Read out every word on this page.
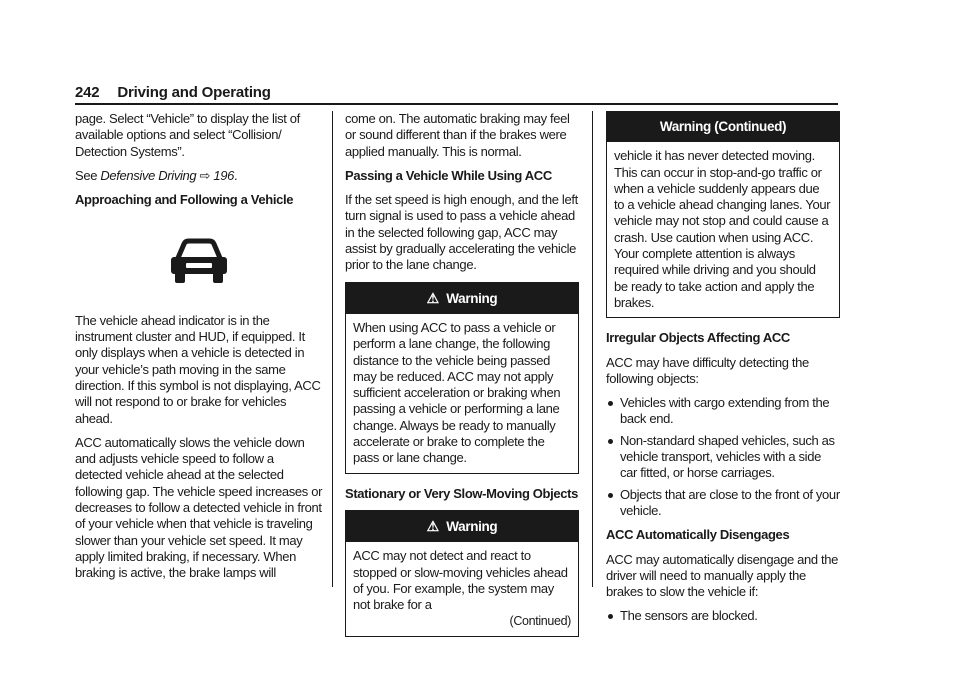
242 Driving and Operating

page. Select “Vehicle” to display the list of available options and select “Collision/ Detection Systems”.

See Defensive Driving ⇨ 196.

Approaching and Following a Vehicle

The vehicle ahead indicator is in the instrument cluster and HUD, if equipped. It only displays when a vehicle is detected in your vehicle’s path moving in the same direction. If this symbol is not displaying, ACC will not respond to or brake for vehicles ahead.

ACC automatically slows the vehicle down and adjusts vehicle speed to follow a detected vehicle ahead at the selected following gap. The vehicle speed increases or decreases to follow a detected vehicle in front of your vehicle when that vehicle is traveling slower than your vehicle set speed. It may apply limited braking, if necessary. When braking is active, the brake lamps will

come on. The automatic braking may feel or sound different than if the brakes were applied manually. This is normal.

Passing a Vehicle While Using ACC

If the set speed is high enough, and the left turn signal is used to pass a vehicle ahead in the selected following gap, ACC may assist by gradually accelerating the vehicle prior to the lane change.

⚠ Warning

When using ACC to pass a vehicle or perform a lane change, the following distance to the vehicle being passed may be reduced. ACC may not apply sufficient acceleration or braking when passing a vehicle or performing a lane change. Always be ready to manually accelerate or brake to complete the pass or lane change.

Stationary or Very Slow-Moving Objects

⚠ Warning

ACC may not detect and react to stopped or slow-moving vehicles ahead of you. For example, the system may not brake for a

(Continued)

Warning (Continued)

vehicle it has never detected moving. This can occur in stop-and-go traffic or when a vehicle suddenly appears due to a vehicle ahead changing lanes. Your vehicle may not stop and could cause a crash. Use caution when using ACC. Your complete attention is always required while driving and you should be ready to take action and apply the brakes.

Irregular Objects Affecting ACC

ACC may have difficulty detecting the following objects:

Vehicles with cargo extending from the back end.
Non-standard shaped vehicles, such as vehicle transport, vehicles with a side car fitted, or horse carriages.
Objects that are close to the front of your vehicle.

ACC Automatically Disengages

ACC may automatically disengage and the driver will need to manually apply the brakes to slow the vehicle if:

The sensors are blocked.
